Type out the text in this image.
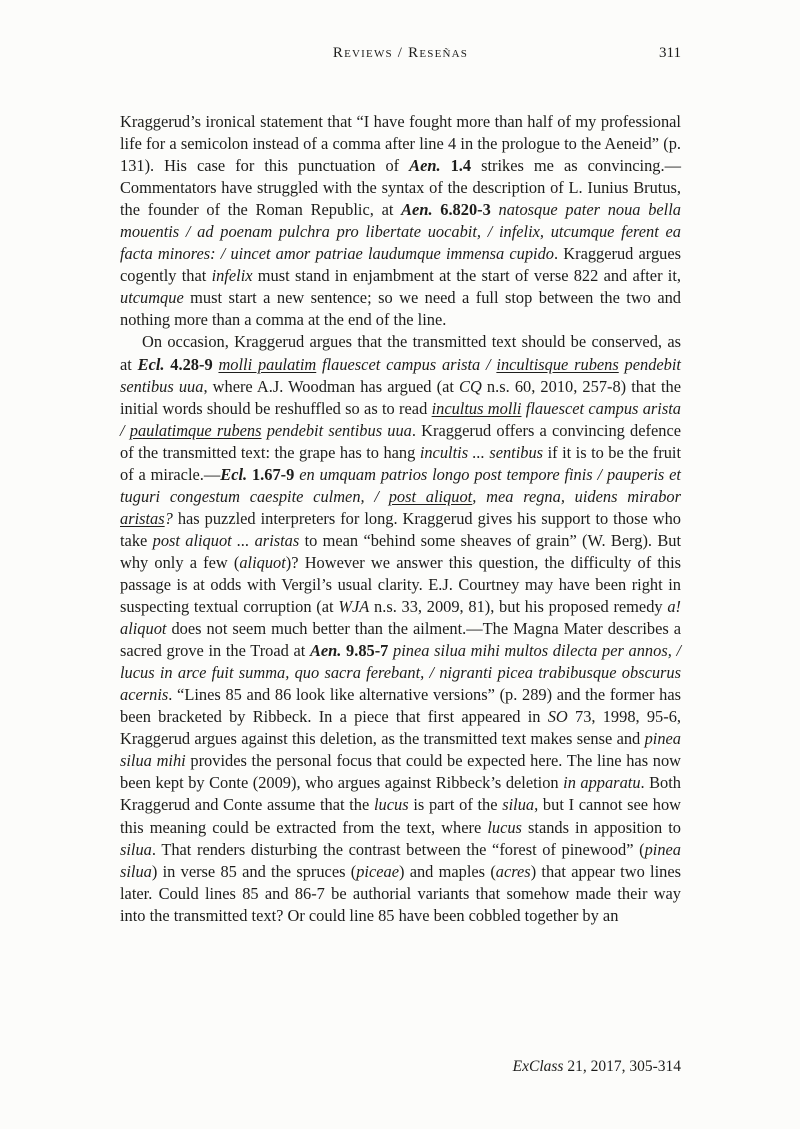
Reviews / Reseñas	311

Kraggerud’s ironical statement that “I have fought more than half of my professional life for a semicolon instead of a comma after line 4 in the prologue to the Aeneid” (p. 131). His case for this punctuation of Aen. 1.4 strikes me as convincing.—Commentators have struggled with the syntax of the description of L. Iunius Brutus, the founder of the Roman Republic, at Aen. 6.820-3 natosque pater noua bella mouentis / ad poenam pulchra pro libertate uocabit, / infelix, utcumque ferent ea facta minores: / uincet amor patriae laudumque immensa cupido. Kraggerud argues cogently that infelix must stand in enjambment at the start of verse 822 and after it, utcumque must start a new sentence; so we need a full stop between the two and nothing more than a comma at the end of the line.

On occasion, Kraggerud argues that the transmitted text should be conserved, as at Ecl. 4.28-9 molli paulatim flauescet campus arista / incultisque rubens pendebit sentibus uua, where A.J. Woodman has argued (at CQ n.s. 60, 2010, 257-8) that the initial words should be reshuffled so as to read incultus molli flauescet campus arista / paulatimque rubens pendebit sentibus uua. Kraggerud offers a convincing defence of the transmitted text: the grape has to hang incultis ... sentibus if it is to be the fruit of a miracle.—Ecl. 1.67-9 en umquam patrios longo post tempore finis / pauperis et tuguri congestum caespite culmen, / post aliquot, mea regna, uidens mirabor aristas? has puzzled interpreters for long. Kraggerud gives his support to those who take post aliquot ... aristas to mean “behind some sheaves of grain” (W. Berg). But why only a few (aliquot)? However we answer this question, the difficulty of this passage is at odds with Vergil’s usual clarity. E.J. Courtney may have been right in suspecting textual corruption (at WJA n.s. 33, 2009, 81), but his proposed remedy a! aliquot does not seem much better than the ailment.—The Magna Mater describes a sacred grove in the Troad at Aen. 9.85-7 pinea silua mihi multos dilecta per annos, / lucus in arce fuit summa, quo sacra ferebant, / nigranti picea trabibusque obscurus acernis. “Lines 85 and 86 look like alternative versions” (p. 289) and the former has been bracketed by Ribbeck. In a piece that first appeared in SO 73, 1998, 95-6, Kraggerud argues against this deletion, as the transmitted text makes sense and pinea silua mihi provides the personal focus that could be expected here. The line has now been kept by Conte (2009), who argues against Ribbeck’s deletion in apparatu. Both Kraggerud and Conte assume that the lucus is part of the silua, but I cannot see how this meaning could be extracted from the text, where lucus stands in apposition to silua. That renders disturbing the contrast between the “forest of pinewood” (pinea silua) in verse 85 and the spruces (piceae) and maples (acres) that appear two lines later. Could lines 85 and 86-7 be authorial variants that somehow made their way into the transmitted text? Or could line 85 have been cobbled together by an

ExClass 21, 2017, 305-314
